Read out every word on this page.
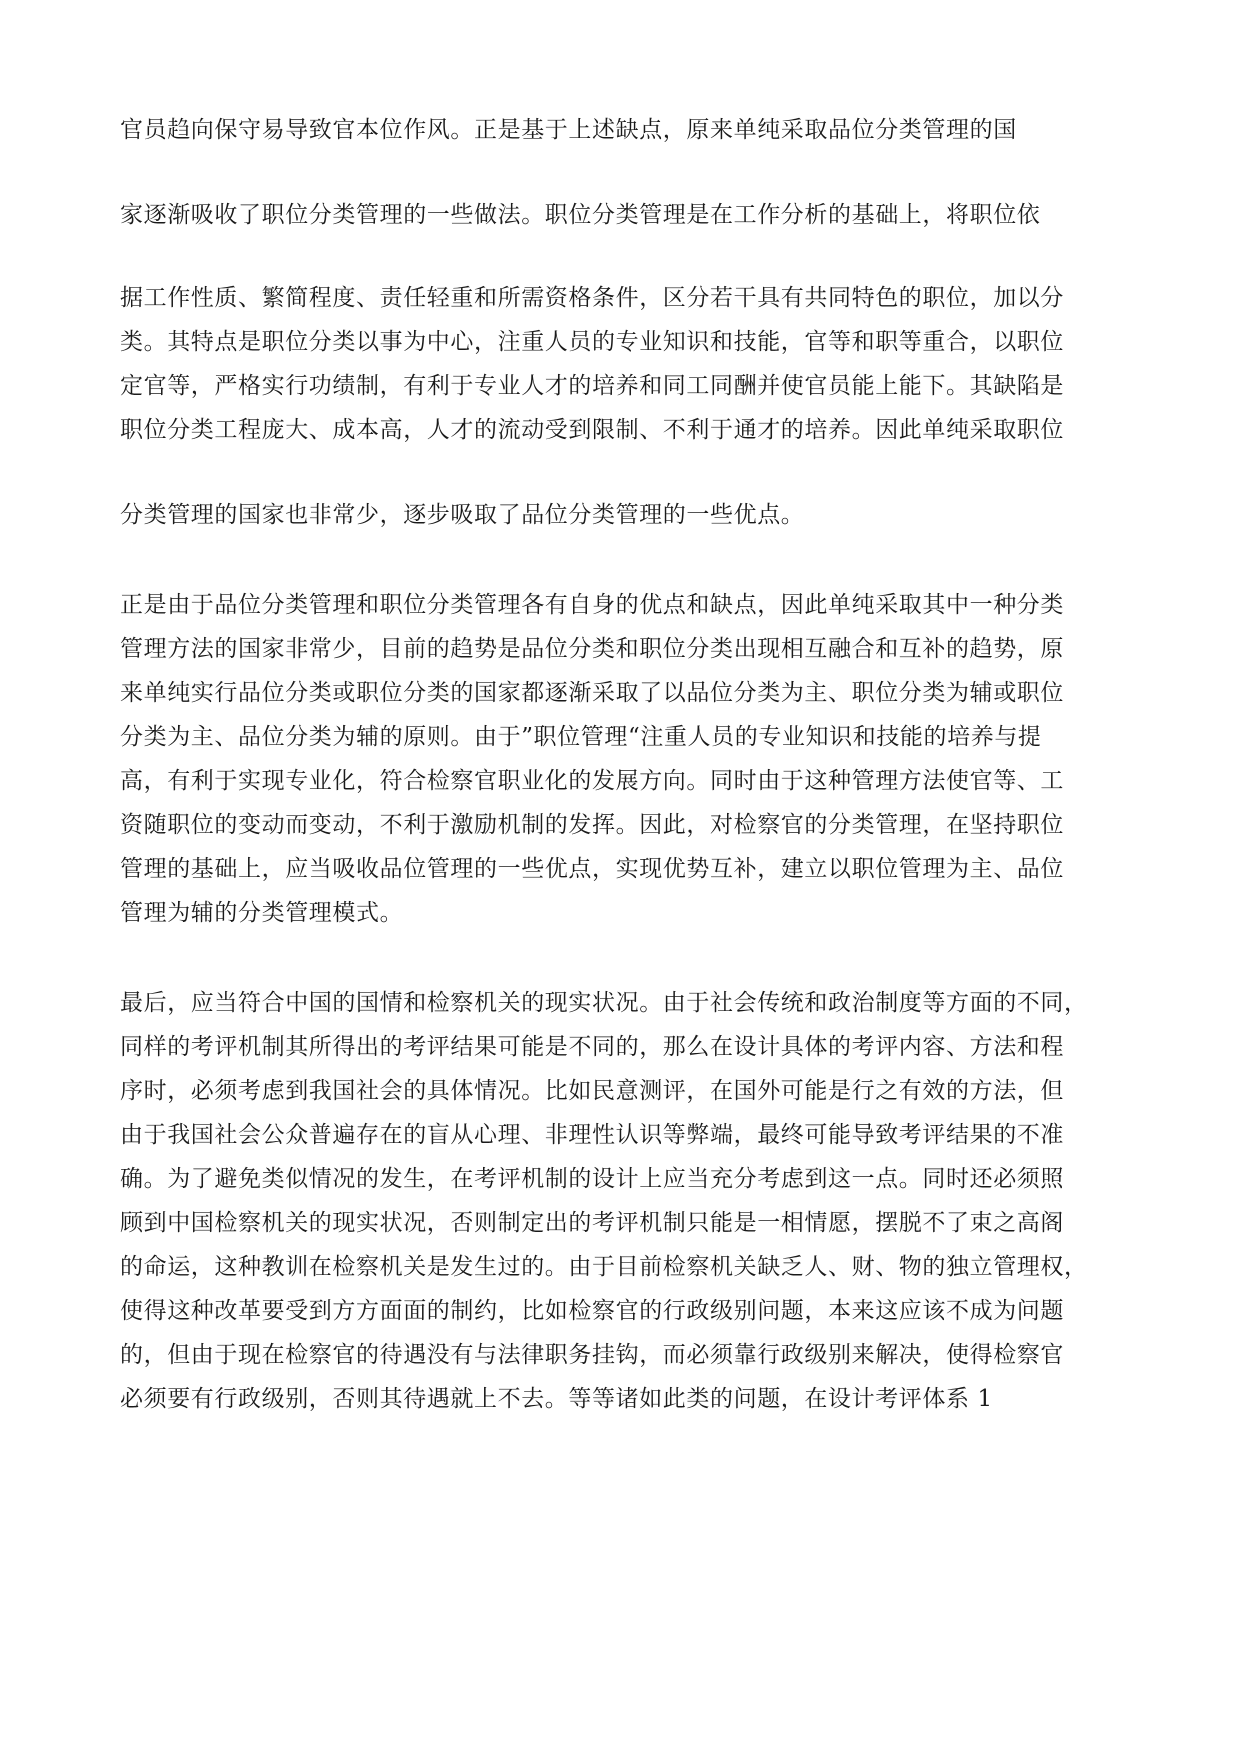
官员趋向保守易导致官本位作风。正是基于上述缺点，原来单纯采取品位分类管理的国
家逐渐吸收了职位分类管理的一些做法。职位分类管理是在工作分析的基础上，将职位依
据工作性质、繁简程度、责任轻重和所需资格条件，区分若干具有共同特色的职位，加以分
类。其特点是职位分类以事为中心，注重人员的专业知识和技能，官等和职等重合，以职位
定官等，严格实行功绩制，有利于专业人才的培养和同工同酬并使官员能上能下。其缺陷是
职位分类工程庞大、成本高，人才的流动受到限制、不利于通才的培养。因此单纯采取职位
分类管理的国家也非常少，逐步吸取了品位分类管理的一些优点。
正是由于品位分类管理和职位分类管理各有自身的优点和缺点，因此单纯采取其中一种分类
管理方法的国家非常少，目前的趋势是品位分类和职位分类出现相互融合和互补的趋势，原
来单纯实行品位分类或职位分类的国家都逐渐采取了以品位分类为主、职位分类为辅或职位
分类为主、品位分类为辅的原则。由于”职位管理“注重人员的专业知识和技能的培养与提
高，有利于实现专业化，符合检察官职业化的发展方向。同时由于这种管理方法使官等、工
资随职位的变动而变动，不利于激励机制的发挥。因此，对检察官的分类管理，在坚持职位
管理的基础上，应当吸收品位管理的一些优点，实现优势互补，建立以职位管理为主、品位
管理为辅的分类管理模式。
最后，应当符合中国的国情和检察机关的现实状况。由于社会传统和政治制度等方面的不同，
同样的考评机制其所得出的考评结果可能是不同的，那么在设计具体的考评内容、方法和程
序时，必须考虑到我国社会的具体情况。比如民意测评，在国外可能是行之有效的方法，但
由于我国社会公众普遍存在的盲从心理、非理性认识等弊端，最终可能导致考评结果的不准
确。为了避免类似情况的发生，在考评机制的设计上应当充分考虑到这一点。同时还必须照
顾到中国检察机关的现实状况，否则制定出的考评机制只能是一相情愿，摆脱不了束之高阁
的命运，这种教训在检察机关是发生过的。由于目前检察机关缺乏人、财、物的独立管理权，
使得这种改革要受到方方面面的制约，比如检察官的行政级别问题，本来这应该不成为问题
的，但由于现在检察官的待遇没有与法律职务挂钩，而必须靠行政级别来解决，使得检察官
必须要有行政级别，否则其待遇就上不去。等等诸如此类的问题，在设计考评体系 1
